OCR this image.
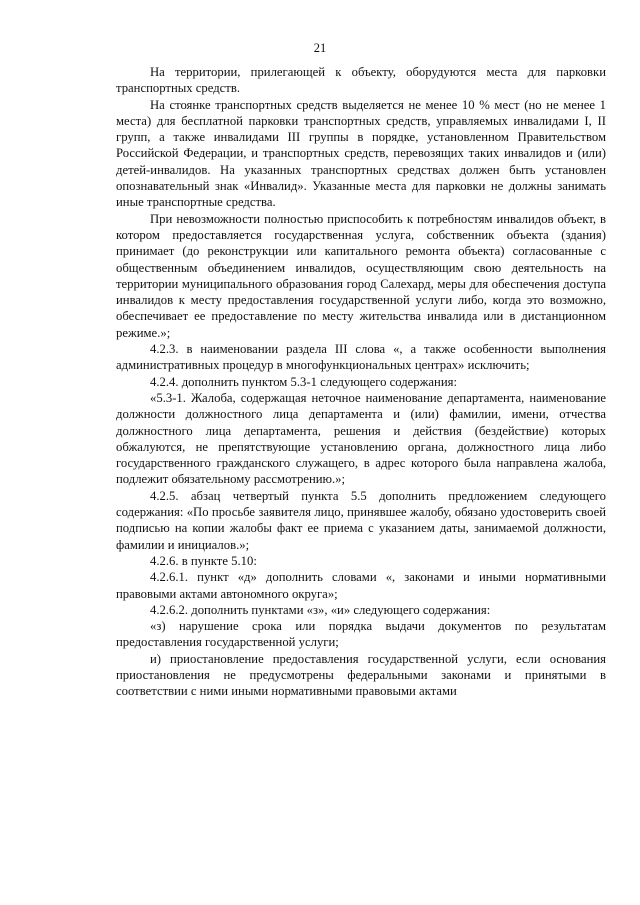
21

На территории, прилегающей к объекту, оборудуются места для парковки транспортных средств.

На стоянке транспортных средств выделяется не менее 10 % мест (но не менее 1 места) для бесплатной парковки транспортных средств, управляемых инвалидами I, II групп, а также инвалидами III группы в порядке, установленном Правительством Российской Федерации, и транспортных средств, перевозящих таких инвалидов и (или) детей-инвалидов. На указанных транспортных средствах должен быть установлен опознавательный знак «Инвалид». Указанные места для парковки не должны занимать иные транспортные средства.

При невозможности полностью приспособить к потребностям инвалидов объект, в котором предоставляется государственная услуга, собственник объекта (здания) принимает (до реконструкции или капитального ремонта объекта) согласованные с общественным объединением инвалидов, осуществляющим свою деятельность на территории муниципального образования город Салехард, меры для обеспечения доступа инвалидов к месту предоставления государственной услуги либо, когда это возможно, обеспечивает ее предоставление по месту жительства инвалида или в дистанционном режиме.»;

4.2.3. в наименовании раздела III слова «, а также особенности выполнения административных процедур в многофункциональных центрах» исключить;

4.2.4. дополнить пунктом 5.3-1 следующего содержания:

«5.3-1. Жалоба, содержащая неточное наименование департамента, наименование должности должностного лица департамента и (или) фамилии, имени, отчества должностного лица департамента, решения и действия (бездействие) которых обжалуются, не препятствующие установлению органа, должностного лица либо государственного гражданского служащего, в адрес которого была направлена жалоба, подлежит обязательному рассмотрению.»;

4.2.5. абзац четвертый пункта 5.5 дополнить предложением следующего содержания: «По просьбе заявителя лицо, принявшее жалобу, обязано удостоверить своей подписью на копии жалобы факт ее приема с указанием даты, занимаемой должности, фамилии и инициалов.»;

4.2.6. в пункте 5.10:

4.2.6.1. пункт «д» дополнить словами «, законами и иными нормативными правовыми актами автономного округа»;

4.2.6.2. дополнить пунктами «з», «и» следующего содержания:

«з) нарушение срока или порядка выдачи документов по результатам предоставления государственной услуги;

и) приостановление предоставления государственной услуги, если основания приостановления не предусмотрены федеральными законами и принятыми в соответствии с ними иными нормативными правовыми актами
